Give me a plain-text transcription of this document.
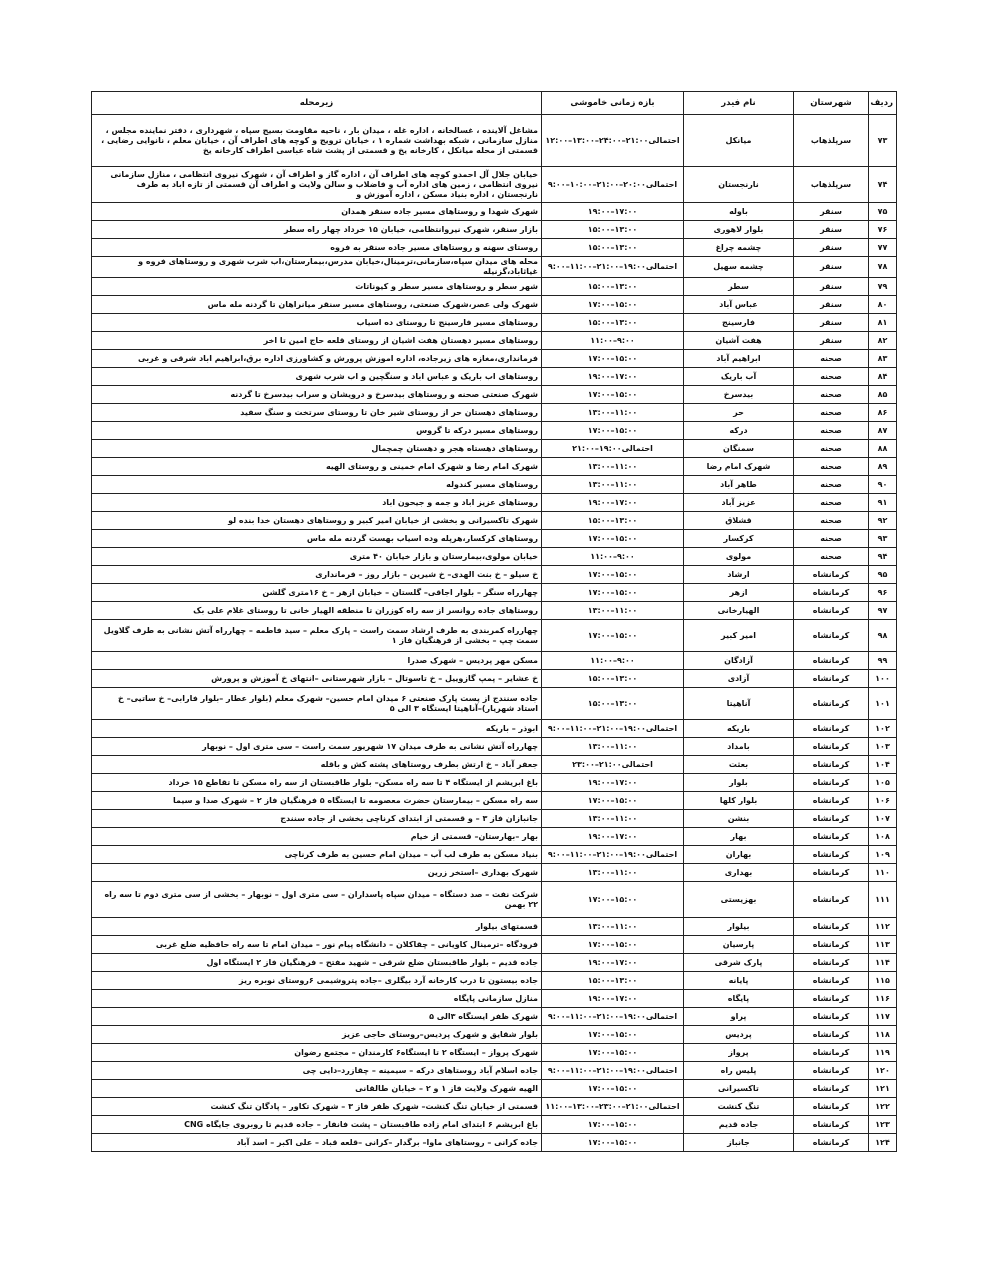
ردیف	شهرستان	نام فیدر	بازه زمانی خاموشی	زیرمحله
۷۳	سرپلذهاب	میانکل	احتمالی۲۱:۰۰–۲۴:۰۰–۱۳:۰۰–۱۲:۰۰	مشاغل آلاینده ، غسالخانه ، اداره غله ، میدان بار ، ناحیه مقاومت بسیج سپاه ، شهرداری ، دفتر نماینده مجلس ، منازل سازمانی ، شبکه بهداشت شماره ۱ ، خیابان ترویج و کوچه های اطراف آن ، خیابان معلم ، نانوایی رضایی ، قسمتی از محله میانکل ، کارخانه یخ و قسمتی از پشت شاه عباسی اطراف کارخانه یخ
۷۴	سرپلذهاب	نارنجستان	احتمالی۲۰:۰۰–۲۱:۰۰–۱۰:۰۰–۹:۰۰	خیابان جلال آل احمدو کوچه های اطراف آن ، اداره گاز و اطراف آن ، شهرک نیروی انتظامی ، منازل سازمانی نیروی انتظامی ، زمین های اداره آب و فاضلاب و سالن ولایت و اطراف آن قسمتی از تازه اباد به طرف نارنجستان ، اداره بنیاد مسکن ، اداره آموزش و
۷۵	سنقر	باوله	۱۷:۰۰–۱۹:۰۰	شهرک شهدا و روستاهای مسیر جاده سنقر همدان
۷۶	سنقر	بلوار لاهوری	۱۳:۰۰–۱۵:۰۰	بازار سنقر، شهرک نیروانتظامی، خیابان ۱۵ خرداد چهار راه سطر
۷۷	سنقر	چشمه چراغ	۱۳:۰۰–۱۵:۰۰	روستای سهنه و روستاهای مسیر جاده سنقر به فروه
۷۸	سنقر	چشمه سهیل	احتمالی۱۹:۰۰–۲۱:۰۰–۱۱:۰۰–۹:۰۰	محله های میدان سپاه،سازمانی،ترمینال،خیابان مدرس،بیمارستان،اب شرب شهری و روستاهای فروه و غیاثاباد،گزنیله
۷۹	سنقر	سطر	۱۳:۰۰–۱۵:۰۰	شهر سطر و روستاهای مسیر سطر و کیوناتات
۸۰	سنقر	عباس آباد	۱۵:۰۰–۱۷:۰۰	شهرک ولی عصر،شهرک صنعتی، روستاهای مسیر سنقر میانراهان تا گردنه مله ماس
۸۱	سنقر	فارسینج	۱۳:۰۰–۱۵:۰۰	روستاهای مسیر فارسینج تا روستای ده اسیاب
۸۲	سنقر	هفت آشیان	۹:۰۰–۱۱:۰۰	روستاهای مسیر دهستان هفت اشیان از روستای قلعه حاج امین تا اخر
۸۳	صحنه	ابراهیم آباد	۱۵:۰۰–۱۷:۰۰	فرمانداری،مغازه های زیرجاده، اداره اموزش پرورش و کشاورزی اداره برق،ابراهیم اباد شرقی و غربی
۸۴	صحنه	آب باریک	۱۷:۰۰–۱۹:۰۰	روستاهای اب باریک و عباس اباد و سنگچین و اب شرب شهری
۸۵	صحنه	بیدسرخ	۱۵:۰۰–۱۷:۰۰	شهرک صنعتی صحنه و روستاهای بیدسرخ و درویشان و سراب بیدسرخ تا گردنه
۸۶	صحنه	حر	۱۱:۰۰–۱۳:۰۰	روستاهای دهستان حر از روستای شیر خان تا روستای سرتخت و سنگ سفید
۸۷	صحنه	درکه	۱۵:۰۰–۱۷:۰۰	روستاهای مسیر درکه تا گروس
۸۸	صحنه	سمنگان	احتمالی۱۹:۰۰–۲۱:۰۰	روستاهای دهستاه هجر و دهستان چمچمال
۸۹	صحنه	شهرک امام رضا	۱۱:۰۰–۱۳:۰۰	شهرک امام رضا و شهرک امام خمینی و روستای الهیه
۹۰	صحنه	طاهر آباد	۱۱:۰۰–۱۳:۰۰	روستاهای مسیر کندوله
۹۱	صحنه	عزیز آباد	۱۷:۰۰–۱۹:۰۰	روستاهای عزیز اباد و جمه و جیحون اباد
۹۲	صحنه	قشلاق	۱۳:۰۰–۱۵:۰۰	شهرک تاکسیرانی و بخشی از خیابان امیر کبیر و روستاهای دهستان خدا بنده لو
۹۳	صحنه	کرکسار	۱۵:۰۰–۱۷:۰۰	روستاهای کرکسار،هرپله وده اسیاب بهست گردنه مله ماس
۹۴	صحنه	مولوی	۹:۰۰–۱۱:۰۰	خیابان مولوی،بیمارستان و بازار خیابان ۴۰ متری
۹۵	کرمانشاه	ارشاد	۱۵:۰۰–۱۷:۰۰	خ سیلو – خ بنت الهدی– خ شیرین – بازار روز – فرمانداری
۹۶	کرمانشاه	ازهر	۱۵:۰۰–۱۷:۰۰	چهارراه سنگر – بلوار اجاقی– گلستان – خیابان ازهر – خ ۱۶متری گلشن
۹۷	کرمانشاه	الهیارخانی	۱۱:۰۰–۱۳:۰۰	روستاهای جاده روانسر از سه راه کوزران تا منطقه الهیار خانی تا روستای غلام علی بک
۹۸	کرمانشاه	امیر کبیر	۱۵:۰۰–۱۷:۰۰	چهارراه کمربندی به طرف ارشاد سمت راست – پارک معلم – سید فاطمه – چهارراه آتش نشانی به طرف گلاویل سمت چپ – بخشی از فرهنگیان فاز ۱
۹۹	کرمانشاه	آزادگان	۹:۰۰–۱۱:۰۰	مسکن مهر پردیس – شهرک صدرا
۱۰۰	کرمانشاه	آزادی	۱۳:۰۰–۱۵:۰۰	خ عشایر – پمپ گازوییل – خ تاسوتال – بازار شهرستانی –انتهای خ آموزش و پرورش
۱۰۱	کرمانشاه	آناهیتا	۱۳:۰۰–۱۵:۰۰	جاده سنندج از پست پارک صنعتی ۶ میدان امام حسین– شهرک معلم (بلوار عطار –بلوار فارابی– خ ساتیی– خ استاد شهریار)–آناهیتا ایستگاه ۳ الی ۵
۱۰۲	کرمانشاه	باریکه	احتمالی۱۹:۰۰–۲۱:۰۰–۱۱:۰۰–۹:۰۰	ابوذر – باریکه
۱۰۳	کرمانشاه	بامداد	۱۱:۰۰–۱۳:۰۰	چهارراه آتش نشانی به طرف میدان ۱۷ شهریور سمت راست – سی متری اول – نوبهار
۱۰۴	کرمانشاه	بعثت	احتمالی۲۱:۰۰–۲۳:۰۰	جعفر آباد – خ ارتش بطرف روستاهای پشته کش و باقله
۱۰۵	کرمانشاه	بلوار	۱۷:۰۰–۱۹:۰۰	باغ ابریشم از ایستگاه ۴ تا سه راه مسکن– بلوار طاقبستان از سه راه مسکن تا تقاطع ۱۵ خرداد
۱۰۶	کرمانشاه	بلوار کلها	۱۵:۰۰–۱۷:۰۰	سه راه مسکن – بیمارستان حضرت معصومه تا ایستگاه ۵ فرهنگیان فاز ۲ – شهرک صدا و سیما
۱۰۷	کرمانشاه	بنشن	۱۱:۰۰–۱۳:۰۰	جانبازان فاز ۳ – و قسمتی از ابتدای کرناچی بخشی از جاده سنندج
۱۰۸	کرمانشاه	بهار	۱۷:۰۰–۱۹:۰۰	بهار –بهارستان– قسمتی از خیام
۱۰۹	کرمانشاه	بهاران	احتمالی۱۹:۰۰–۲۱:۰۰–۱۱:۰۰–۹:۰۰	بنیاد مسکن به طرف لب آب – میدان امام حسین به طرف کرناچی
۱۱۰	کرمانشاه	بهداری	۱۱:۰۰–۱۳:۰۰	شهرک بهداری –استخر زرین
۱۱۱	کرمانشاه	بهزیستی	۱۵:۰۰–۱۷:۰۰	شرکت نفت – صد دستگاه – میدان سپاه پاسداران – سی متری اول – نوبهار – بخشی از سی متری دوم تا سه راه ۲۲ بهمن
۱۱۲	کرمانشاه	بیلوار	۱۱:۰۰–۱۳:۰۰	قسمتهای بیلوار
۱۱۳	کرمانشاه	پارسیان	۱۵:۰۰–۱۷:۰۰	فرودگاه –ترمینال کاویانی – چقاکلان – دانشگاه پیام نور – میدان امام تا سه راه حافظیه ضلع غربی
۱۱۴	کرمانشاه	پارک شرقی	۱۷:۰۰–۱۹:۰۰	جاده قدیم – بلوار طاقبستان ضلع شرقی – شهید مفتح – فرهنگیان فاز ۲ ایستگاه اول
۱۱۵	کرمانشاه	پایانه	۱۳:۰۰–۱۵:۰۰	جاده بیستون تا درب کارخانه آرد بیگلری –جاده پتروشیمی ۶روستای نوبره ریز
۱۱۶	کرمانشاه	پایگاه	۱۷:۰۰–۱۹:۰۰	منازل سازمانی پایگاه
۱۱۷	کرمانشاه	پراو	احتمالی۱۹:۰۰–۲۱:۰۰–۱۱:۰۰–۹:۰۰	شهرک ظفر ایستگاه ۳الی ۵
۱۱۸	کرمانشاه	پردیس	۱۵:۰۰–۱۷:۰۰	بلوار شقایق و شهرک پردیس–روستای حاجی عزیز
۱۱۹	کرمانشاه	پرواز	۱۵:۰۰–۱۷:۰۰	شهرک پرواز – ایستگاه ۲ تا ایستگاه۶ کارمندان – مجتمع رضوان
۱۲۰	کرمانشاه	پلیس راه	احتمالی۱۹:۰۰–۲۱:۰۰–۱۱:۰۰–۹:۰۰	جاده اسلام آباد روستاهای درکه – سیمینه – چقازرد–دایی چی
۱۲۱	کرمانشاه	تاکسیرانی	۱۵:۰۰–۱۷:۰۰	الهیه شهرک ولایت فاز ۱ و ۲ – خیابان طالقانی
۱۲۲	کرمانشاه	تنگ کنشت	احتمالی۲۱:۰۰–۲۳:۰۰–۱۳:۰۰–۱۱:۰۰	قسمتی از خیابان تنگ کنشت– شهرک ظفر فاز ۳ – شهرک تکاور – پادگان تنگ کنشت
۱۲۳	کرمانشاه	جاده قدیم	۱۵:۰۰–۱۷:۰۰	باغ ابریشم ۶ ابتدای امام زاده طاقبستان – پشت فانفار – جاده قدیم تا روبروی جایگاه CNG
۱۲۴	کرمانشاه	جانباز	۱۵:۰۰–۱۷:۰۰	جاده کرانی – روستاهای ماوا– برگدار –کرانی –قلعه قباد – علی اکبر – اسد آباد
